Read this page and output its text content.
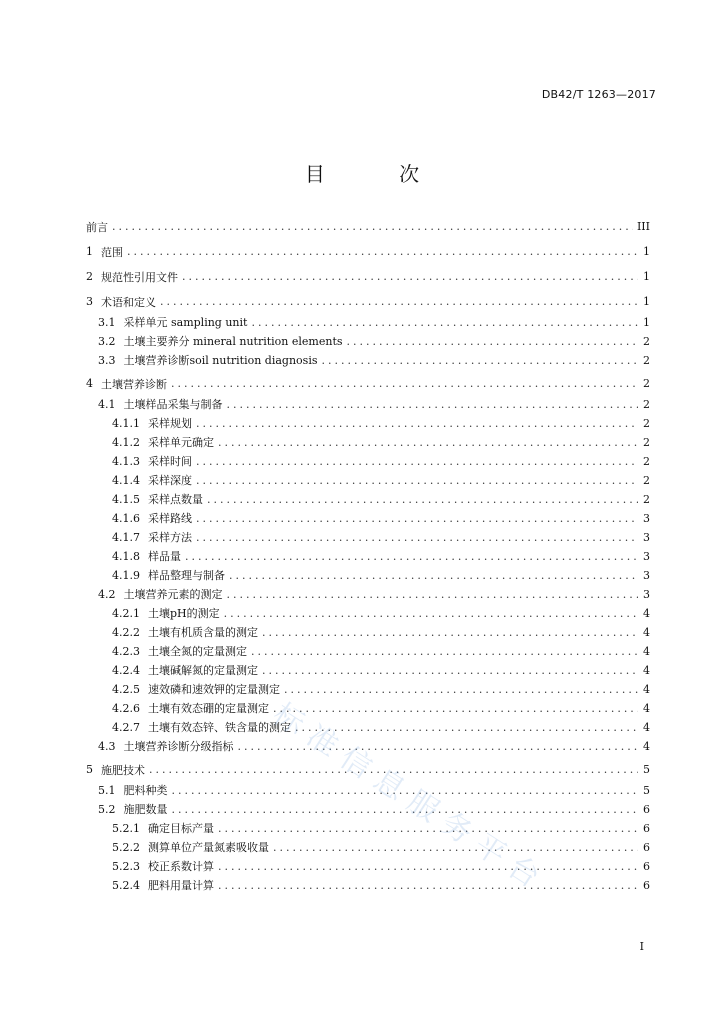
DB42/T 1263—2017
目 次
前言 .....	III
1 范围 .....	1
2 规范性引用文件 .....	1
3 术语和定义 .....	1
3.1 采样单元 sampling unit .....	1
3.2 土壤主要养分 mineral nutrition elements .....	2
3.3 土壤营养诊断soil nutrition diagnosis .....	2
4 土壤营养诊断 .....	2
4.1 土壤样品采集与制备 .....	2
4.1.1 采样规划 .....	2
4.1.2 采样单元确定 .....	2
4.1.3 采样时间 .....	2
4.1.4 采样深度 .....	2
4.1.5 采样点数量 .....	2
4.1.6 采样路线 .....	3
4.1.7 采样方法 .....	3
4.1.8 样品量 .....	3
4.1.9 样品整理与制备 .....	3
4.2 土壤营养元素的测定 .....	3
4.2.1 土壤pH的测定 .....	4
4.2.2 土壤有机质含量的测定 .....	4
4.2.3 土壤全氮的定量测定 .....	4
4.2.4 土壤碱解氮的定量测定 .....	4
4.2.5 速效磷和速效钾的定量测定 .....	4
4.2.6 土壤有效态硼的定量测定 .....	4
4.2.7 土壤有效态锌、铁含量的测定 .....	4
4.3 土壤营养诊断分级指标 .....	4
5 施肥技术 .....	5
5.1 肥料种类 .....	5
5.2 施肥数量 .....	6
5.2.1 确定目标产量 .....	6
5.2.2 测算单位产量氮素吸收量 .....	6
5.2.3 校正系数计算 .....	6
5.2.4 肥料用量计算 .....	6
标准信息服务平台
I
